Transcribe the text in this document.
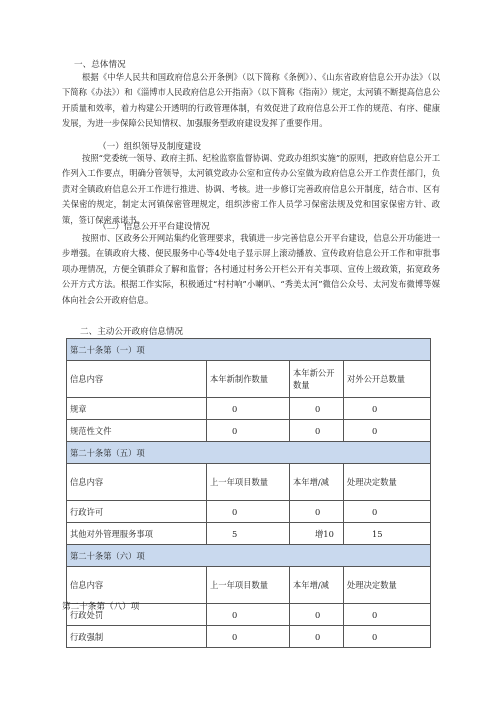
一、总体情况

根据《中华人民共和国政府信息公开条例》（以下简称《条例》）、《山东省政府信息公开办法》（以下简称《办法》）和《淄博市人民政府信息公开指南》（以下简称《指南》）规定，太河镇不断提高信息公开质量和效率，着力构建公开透明的行政管理体制，有效促进了政府信息公开工作的规范、有序、健康发展，为进一步保障公民知情权、加强服务型政府建设发挥了重要作用。

（一）组织领导及制度建设

按照“党委统一领导、政府主抓、纪检监察监督协调、党政办组织实施”的原则，把政府信息公开工作列入工作要点，明确分管领导，太河镇党政办公室和宣传办公室做为政府信息公开工作责任部门，负责对全镇政府信息公开工作进行推进、协调、考核。进一步修订完善政府信息公开制度，结合市、区有关保密的规定，制定太河镇保密管理规定，组织涉密工作人员学习保密法规及党和国家保密方针、政策，签订保密承诺书。

（二）信息公开平台建设情况

按照市、区政务公开网站集约化管理要求，我镇进一步完善信息公开平台建设，信息公开功能进一步增强。在镇政府大楼、便民服务中心等4处电子显示屏上滚动播放、宣传政府信息公开工作和审批事项办理情况，方便全镇群众了解和监督；各村通过村务公开栏公开有关事项、宣传上级政策，拓宽政务公开方式方法。根据工作实际，积极通过“村村响”小喇叭、“秀美太河”微信公众号、太河发布微博等媒体向社会公开政府信息。

二、主动公开政府信息情况
第二十条第（一）项			
信息内容	本年新制作数量	本年新公开数量	对外公开总数量
规章	0	0	0
规范性文件	0	0	0
第二十条第（五）项			
信息内容	上一年项目数量	本年增/减	处理决定数量
行政许可	0	0	0
其他对外管理服务事项	5	增10	15
第二十条第（六）项			
信息内容	上一年项目数量	本年增/减	处理决定数量
行政处罚	0	0	0
行政强制	0	0	0
第二十条第（八）项
